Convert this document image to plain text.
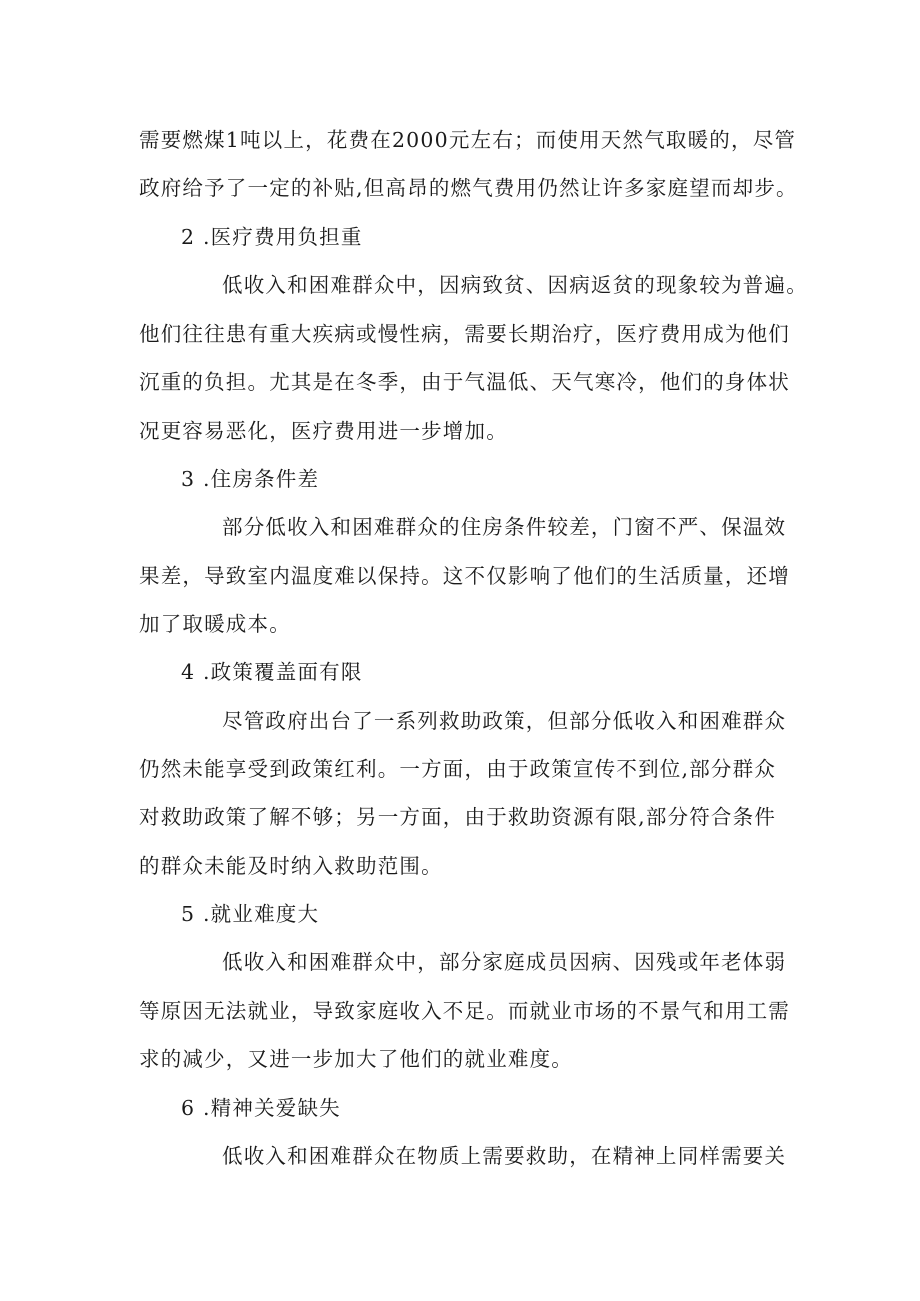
需要燃煤1吨以上，花费在2000元左右；而使用天然气取暖的，尽管
政府给予了一定的补贴,但高昂的燃气费用仍然让许多家庭望而却步。
2 .医疗费用负担重
低收入和困难群众中，因病致贫、因病返贫的现象较为普遍。
他们往往患有重大疾病或慢性病，需要长期治疗，医疗费用成为他们
沉重的负担。尤其是在冬季，由于气温低、天气寒冷，他们的身体状
况更容易恶化，医疗费用进一步增加。
3 .住房条件差
部分低收入和困难群众的住房条件较差，门窗不严、保温效
果差，导致室内温度难以保持。这不仅影响了他们的生活质量，还增
加了取暖成本。
4 .政策覆盖面有限
尽管政府出台了一系列救助政策，但部分低收入和困难群众
仍然未能享受到政策红利。一方面，由于政策宣传不到位,部分群众
对救助政策了解不够；另一方面，由于救助资源有限,部分符合条件
的群众未能及时纳入救助范围。
5 .就业难度大
低收入和困难群众中，部分家庭成员因病、因残或年老体弱
等原因无法就业，导致家庭收入不足。而就业市场的不景气和用工需
求的减少，又进一步加大了他们的就业难度。
6 .精神关爱缺失
低收入和困难群众在物质上需要救助，在精神上同样需要关
